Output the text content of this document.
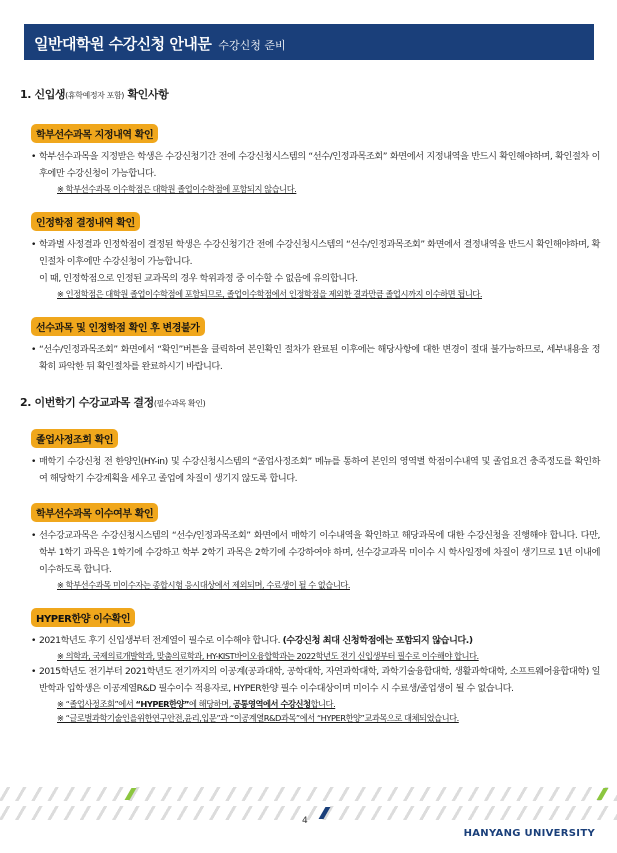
일반대학원 수강신청 안내문 수강신청 준비
1. 신입생(휴학예정자 포함) 확인사항
학부선수과목 지정내역 확인
• 학부선수과목을 지정받은 학생은 수강신청기간 전에 수강신청시스템의 “선수/인정과목조회” 화면에서 지정내역을 반드시 확인해야하며, 확인절차 이후에만 수강신청이 가능합니다.
※ 학부선수과목 이수학점은 대학원 졸업이수학점에 포함되지 않습니다.
인정학점 결정내역 확인
• 학과별 사정결과 인정학점이 결정된 학생은 수강신청기간 전에 수강신청시스템의 “선수/인정과목조회” 화면에서 결정내역을 반드시 확인해야하며, 확인절차 이후에만 수강신청이 가능합니다.
이 때, 인정학점으로 인정된 교과목의 경우 학위과정 중 이수할 수 없음에 유의합니다.
※ 인정학점은 대학원 졸업이수학점에 포함되므로, 졸업이수학점에서 인정학점을 제외한 결과만큼 졸업시까지 이수하면 됩니다.
선수과목 및 인정학점 확인 후 변경불가
• “선수/인정과목조회” 화면에서 “확인”버튼을 클릭하여 본인확인 절차가 완료된 이후에는 해당사항에 대한 변경이 절대 불가능하므로, 세부내용을 정확히 파악한 뒤 확인절차를 완료하시기 바랍니다.
2. 이번학기 수강교과목 결정(필수과목 확인)
졸업사정조회 확인
• 매학기 수강신청 전 한양인(HY-in) 및 수강신청시스템의 “졸업사정조회” 메뉴를 통하여 본인의 영역별 학점이수내역 및 졸업요건 충족정도를 확인하여 해당학기 수강계획을 세우고 졸업에 차질이 생기지 않도록 합니다.
학부선수과목 이수여부 확인
• 선수강교과목은 수강신청시스템의 “선수/인정과목조회” 화면에서 매학기 이수내역을 확인하고 해당과목에 대한 수강신청을 진행해야 합니다. 다만, 학부 1학기 과목은 1학기에 수강하고 학부 2학기 과목은 2학기에 수강하여야 하며, 선수강교과목 미이수 시 학사일정에 차질이 생기므로 1년 이내에 이수하도록 합니다.
※ 학부선수과목 미이수자는 종합시험 응시대상에서 제외되며, 수료생이 될 수 없습니다.
HYPER한양 이수확인
• 2021학년도 후기 신입생부터 전계열이 필수로 이수해야 합니다. (수강신청 최대 신청학점에는 포함되지 않습니다.)
※ 의학과, 국제의료개발학과, 맞춤의료학과, HY-KIST바이오융합학과는 2022학년도 전기 신입생부터 필수로 이수해야 합니다.
• 2015학년도 전기부터 2021학년도 전기까지의 이공계(공과대학, 공학대학, 자연과학대학, 과학기술융합대학, 생활과학대학, 소프트웨어융합대학) 일반학과 입학생은 이공계열R&D 필수이수 적용자로, HYPER한양 필수 이수대상이며 미이수 시 수료생/졸업생이 될 수 없습니다.
※ “졸업사정조회”에서 “HYPER한양”에 해당하며, 공통영역에서 수강신청합니다.
※ “글로벌과학기술인을위한연구안전,윤리,입문”과 “이공계열R&D과목”에서 “HYPER한양”교과목으로 대체되었습니다.
4
HANYANG UNIVERSITY
